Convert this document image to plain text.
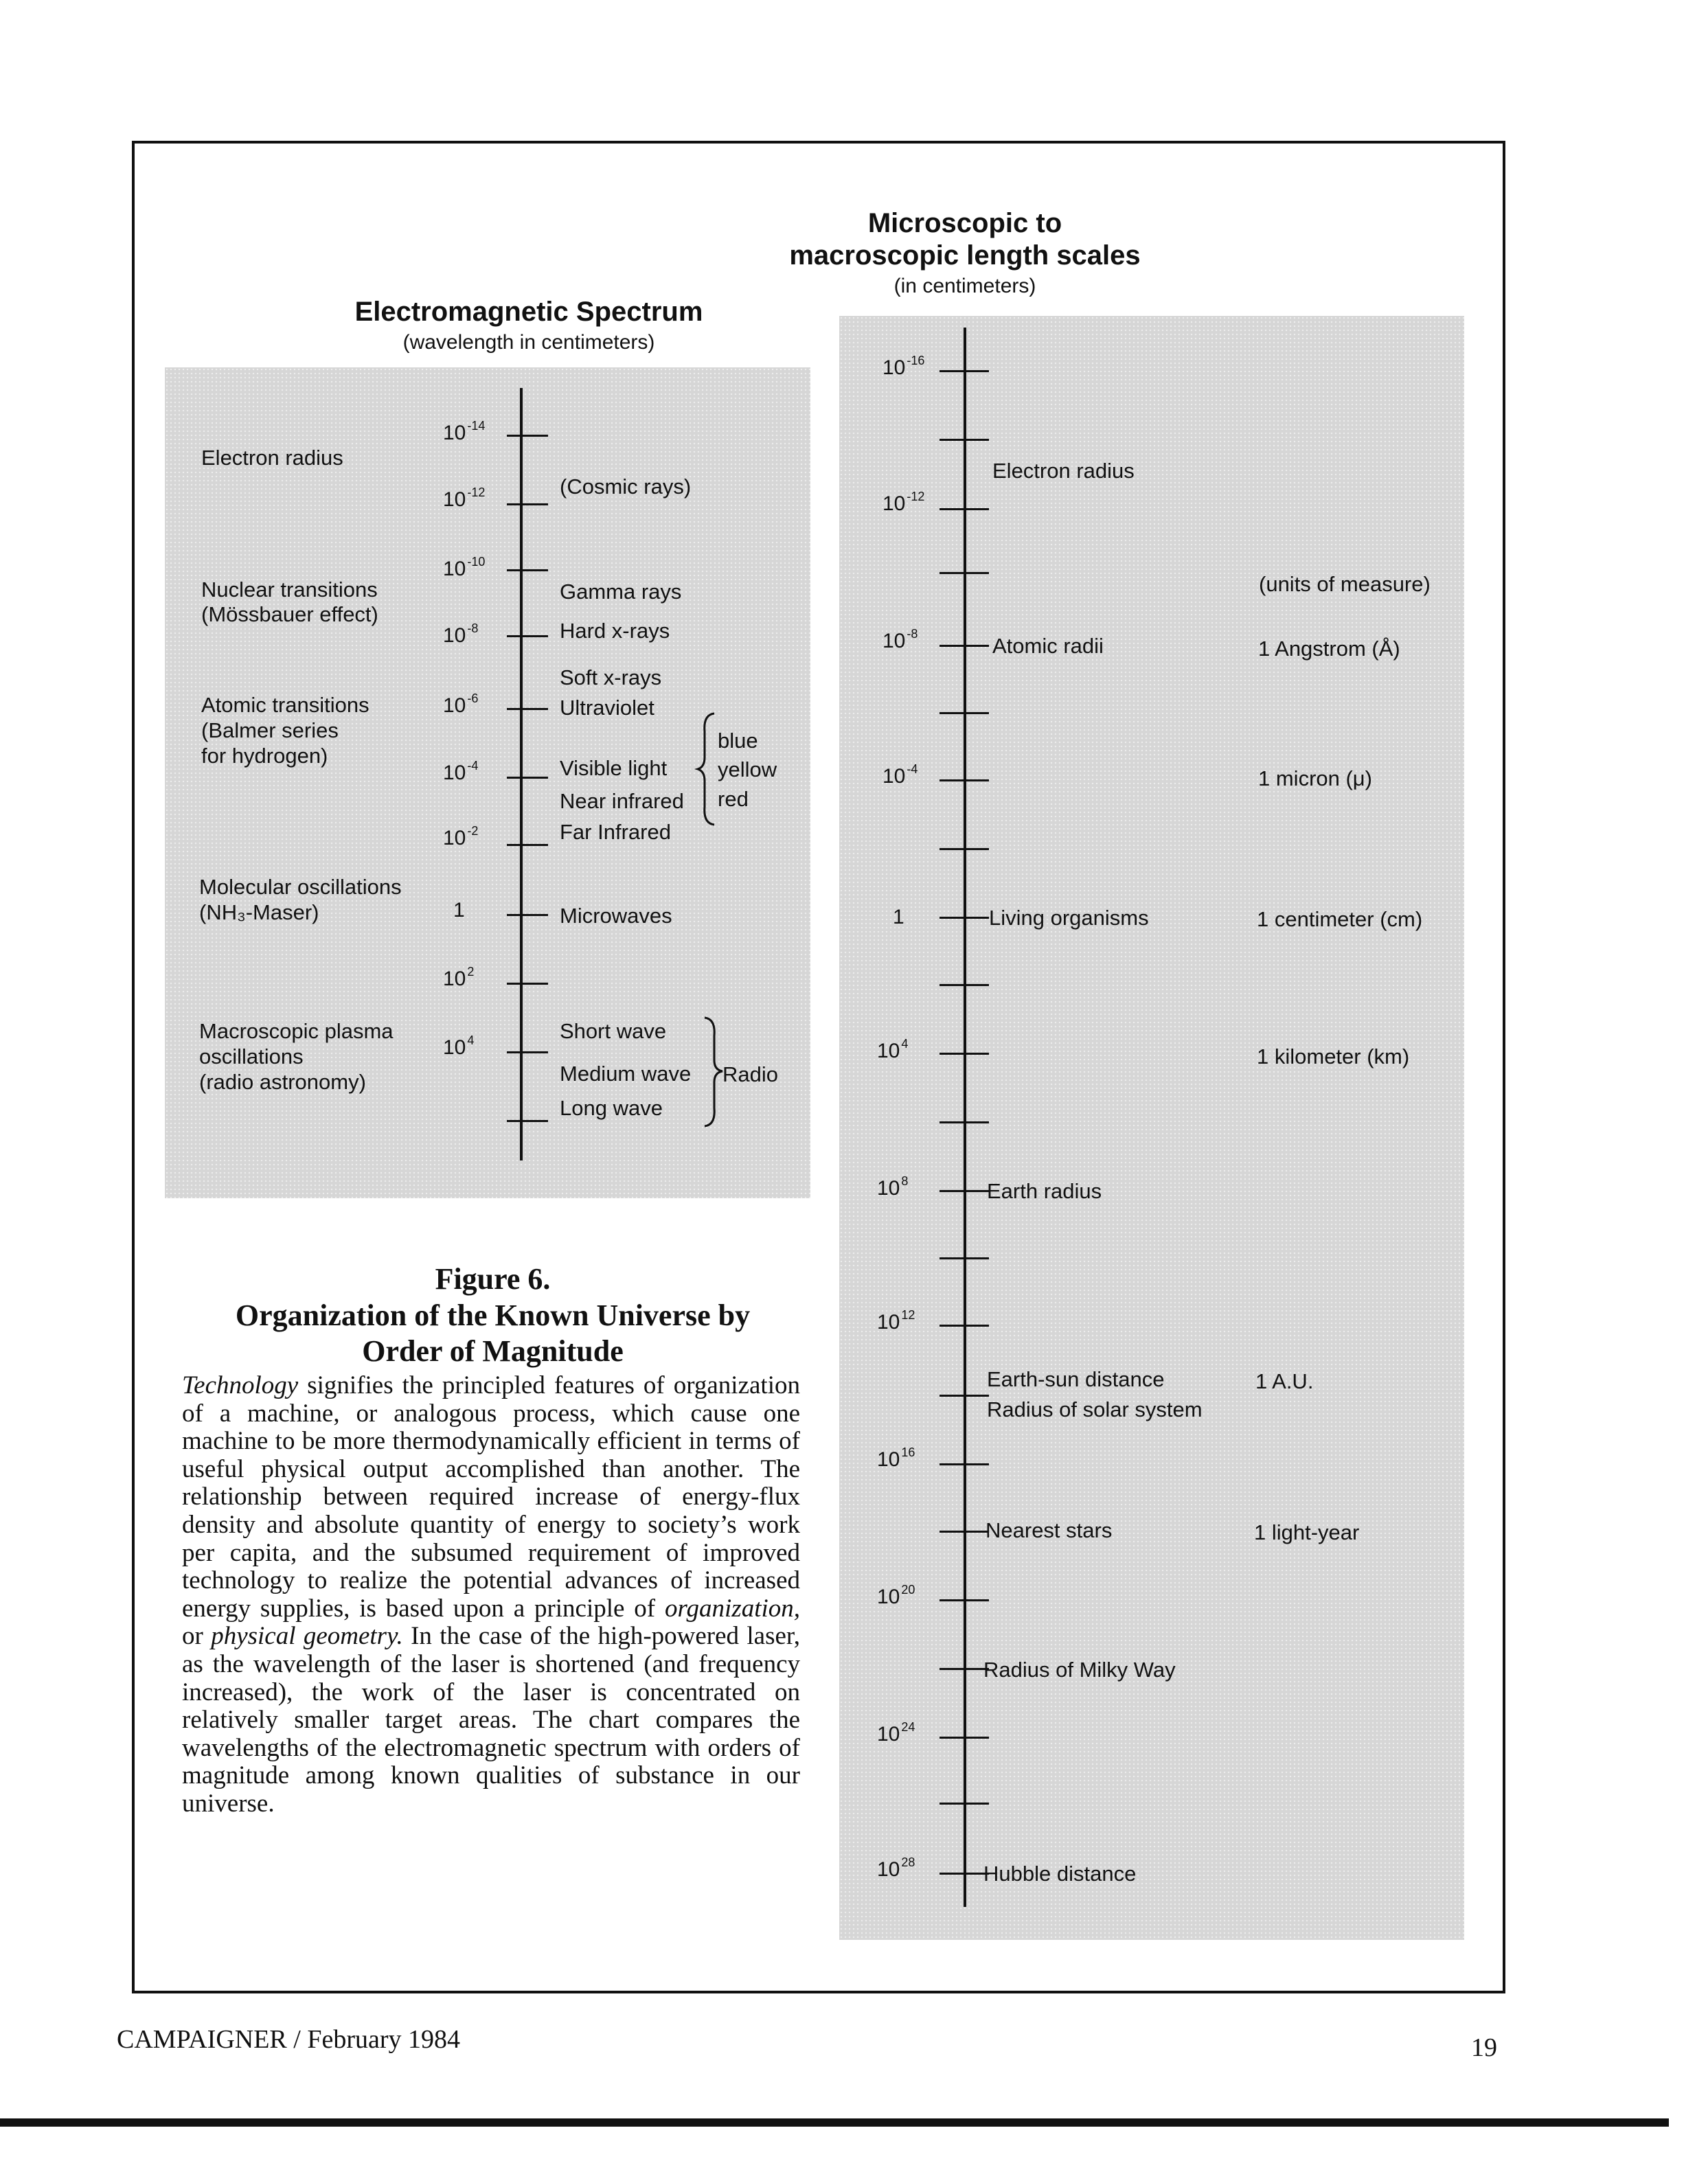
Electromagnetic Spectrum
(wavelength in centimeters)
10 $^{-14}$
10 $^{-12}$
10 $^{-10}$
10 $^{-8}$
10 $^{-6}$
10 $^{-4}$
10 $^{-2}$
1
10 $^2$
10 $^4$
Electron radius
Nuclear transitions
(Mössbauer effect)
Atomic transitions
(Balmer series
for hydrogen)
Molecular oscillations
(NH₃-Maser)
Macroscopic plasma
oscillations
(radio astronomy)
(Cosmic rays)
Gamma rays
Hard x-rays
Soft x-rays
Ultraviolet
Visible light
Near infrared
Far Infrared
Microwaves
Short wave
Medium wave
Long wave
blue
yellow
red
Radio
Microscopic to
macroscopic length scales
(in centimeters)
10 $^{-16}$
10 $^{-12}$
10 $^{-8}$
10 $^{-4}$
1
10 $^4$
10 $^8$
10 $^{12}$
10 $^{16}$
10 $^{20}$
10 $^{24}$
10 $^{28}$
Electron radius
Atomic radii
Living organisms
Earth radius
Earth-sun distance
Radius of solar system
Nearest stars
Radius of Milky Way
Hubble distance
(units of measure)
1 Angstrom (Å)
1 micron (μ)
1 centimeter (cm)
1 kilometer (km)
1 A.U.
1 light-year
Figure 6.
Organization of the Known Universe by
Order of Magnitude

Technology signifies the principled features of organization of a machine, or analogous process, which cause one machine to be more thermodynamically efficient in terms of useful physical output accomplished than another. The relationship between required increase of energy-flux density and absolute quantity of energy to society’s work per capita, and the subsumed requirement of improved technology to realize the potential advances of increased energy supplies, is based upon a principle of organization, or physical geometry. In the case of the high-powered laser, as the wavelength of the laser is shortened (and frequency increased), the work of the laser is concentrated on relatively smaller target areas. The chart compares the wavelengths of the electromagnetic spectrum with orders of magnitude among known qualities of substance in our universe.

CAMPAIGNER / February 1984	19
